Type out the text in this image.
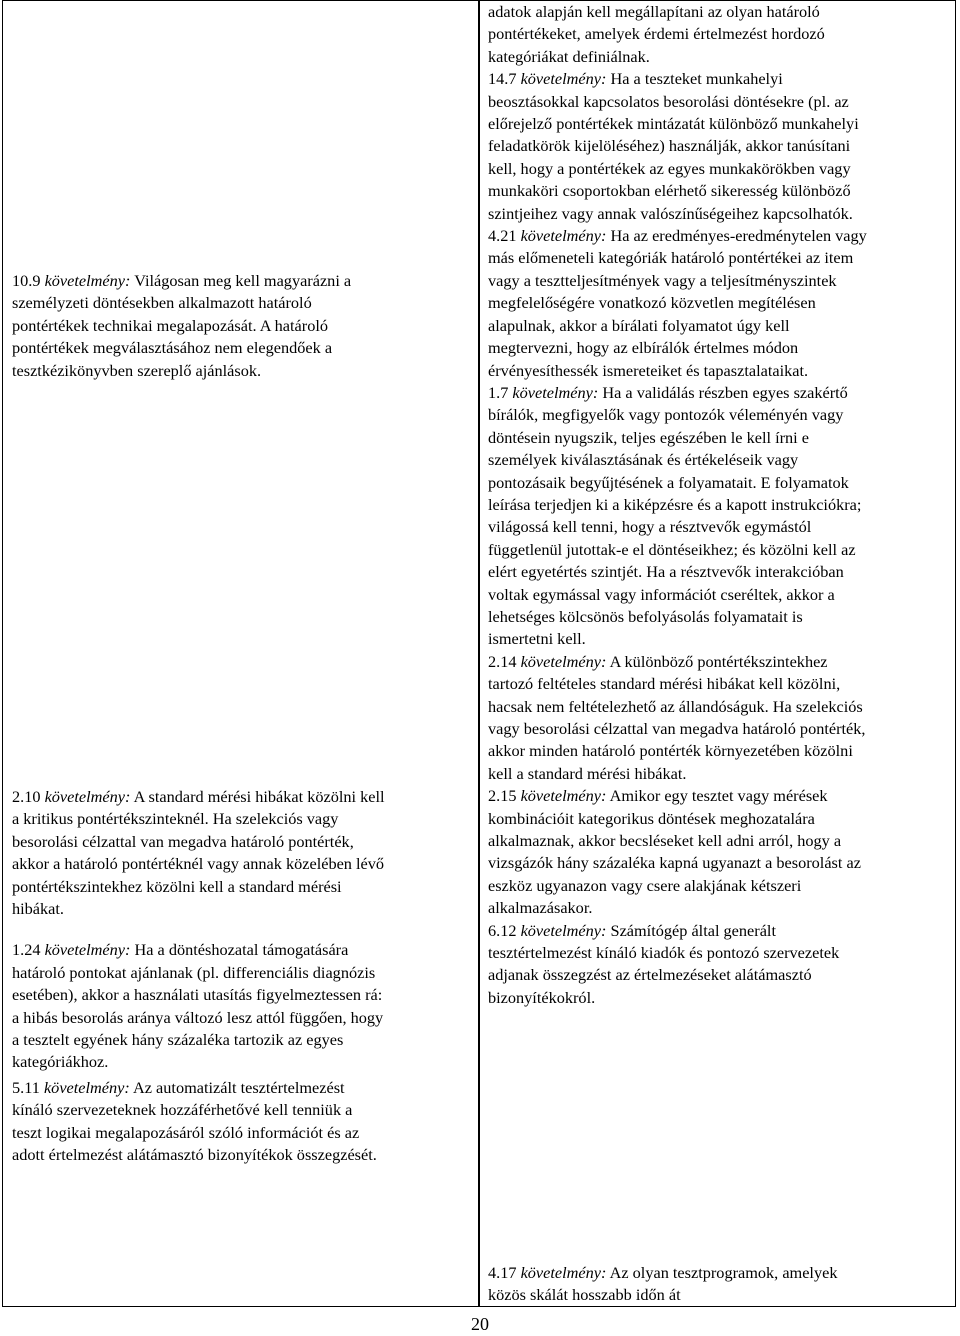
10.9 követelmény: Világosan meg kell magyarázni a személyzeti döntésekben alkalmazott határoló pontértékek technikai megalapozását. A határoló pontértékek megválasztásához nem elegendőek a tesztkézikönyvben szereplő ajánlások.

2.10 követelmény: A standard mérési hibákat közölni kell a kritikus pontértékszinteknél. Ha szelekciós vagy besorolási célzattal van megadva határoló pontérték, akkor a határoló pontértéknél vagy annak közelében lévő pontértékszintekhez közölni kell a standard mérési hibákat.

1.24 követelmény: Ha a döntéshozatal támogatására határoló pontokat ajánlanak (pl. differenciális diagnózis esetében), akkor a használati utasítás figyelmeztessen rá: a hibás besorolás aránya változó lesz attól függően, hogy a tesztelt egyének hány százaléka tartozik az egyes kategóriákhoz.

5.11 követelmény: Az automatizált tesztértelmezést kínáló szervezeteknek hozzáférhetővé kell tenniük a teszt logikai megalapozásáról szóló információt és az adott értelmezést alátámasztó bizonyítékok összegzését.

adatok alapján kell megállapítani az olyan határoló pontértékeket, amelyek érdemi értelmezést hordozó kategóriákat definiálnak.

14.7 követelmény: Ha a teszteket munkahelyi beosztásokkal kapcsolatos besorolási döntésekre (pl. az előrejelző pontértékek mintázatát különböző munkahelyi feladatkörök kijelöléséhez) használják, akkor tanúsítani kell, hogy a pontértékek az egyes munkakörökben vagy munkaköri csoportokban elérhető sikeresség különböző szintjeihez vagy annak valószínűségeihez kapcsolhatók.

4.21 követelmény: Ha az eredményes-eredménytelen vagy más előmeneteli kategóriák határoló pontértékei az item vagy a tesztteljesítmények vagy a teljesítményszintek megfelelőségére vonatkozó közvetlen megítélésen alapulnak, akkor a bírálati folyamatot úgy kell megtervezni, hogy az elbírálók értelmes módon érvényesíthessék ismereteiket és tapasztalataikat.

1.7 követelmény: Ha a validálás részben egyes szakértő bírálók, megfigyelők vagy pontozók véleményén vagy döntésein nyugszik, teljes egészében le kell írni e személyek kiválasztásának és értékeléseik vagy pontozásaik begyűjtésének a folyamatait. E folyamatok leírása terjedjen ki a kiképzésre és a kapott instrukciókra; világossá kell tenni, hogy a résztvevők egymástól függetlenül jutottak-e el döntéseikhez; és közölni kell az elért egyetértés szintjét. Ha a résztvevők interakcióban voltak egymással vagy információt cseréltek, akkor a lehetséges kölcsönös befolyásolás folyamatait is ismertetni kell.

2.14 követelmény: A különböző pontértékszintekhez tartozó feltételes standard mérési hibákat kell közölni, hacsak nem feltételezhető az állandóságuk. Ha szelekciós vagy besorolási célzattal van megadva határoló pontérték, akkor minden határoló pontérték környezetében közölni kell a standard mérési hibákat.

2.15 követelmény: Amikor egy tesztet vagy mérések kombinációit kategorikus döntések meghozatalára alkalmaznak, akkor becsléseket kell adni arról, hogy a vizsgázók hány százaléka kapná ugyanazt a besorolást az eszköz ugyanazon vagy csere alakjának kétszeri alkalmazásakor.

6.12 követelmény: Számítógép által generált tesztértelmezést kínáló kiadók és pontozó szervezetek adjanak összegzést az értelmezéseket alátámasztó bizonyítékokról.

4.17 követelmény: Az olyan tesztprogramok, amelyek közös skálát hosszabb időn át

20
